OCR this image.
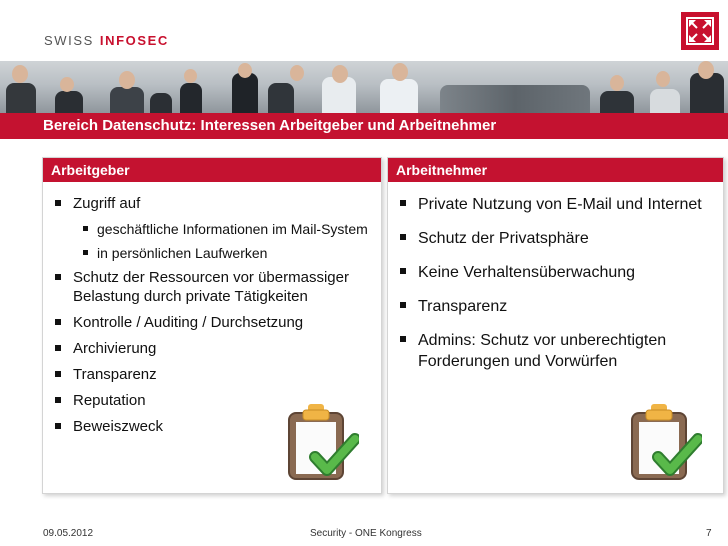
SWISS INFOSEC
Bereich Datenschutz: Interessen Arbeitgeber und Arbeitnehmer
Arbeitgeber
Zugriff auf
geschäftliche Informationen im Mail-System
in persönlichen Laufwerken
Schutz der Ressourcen vor übermassiger Belastung durch private Tätigkeiten
Kontrolle / Auditing / Durchsetzung
Archivierung
Transparenz
Reputation
Beweiszweck
Arbeitnehmer
Private Nutzung von E-Mail und Internet
Schutz der Privatsphäre
Keine Verhaltensüberwachung
Transparenz
Admins: Schutz vor unberechtigten Forderungen und Vorwürfen
09.05.2012	Security - ONE Kongress	7
